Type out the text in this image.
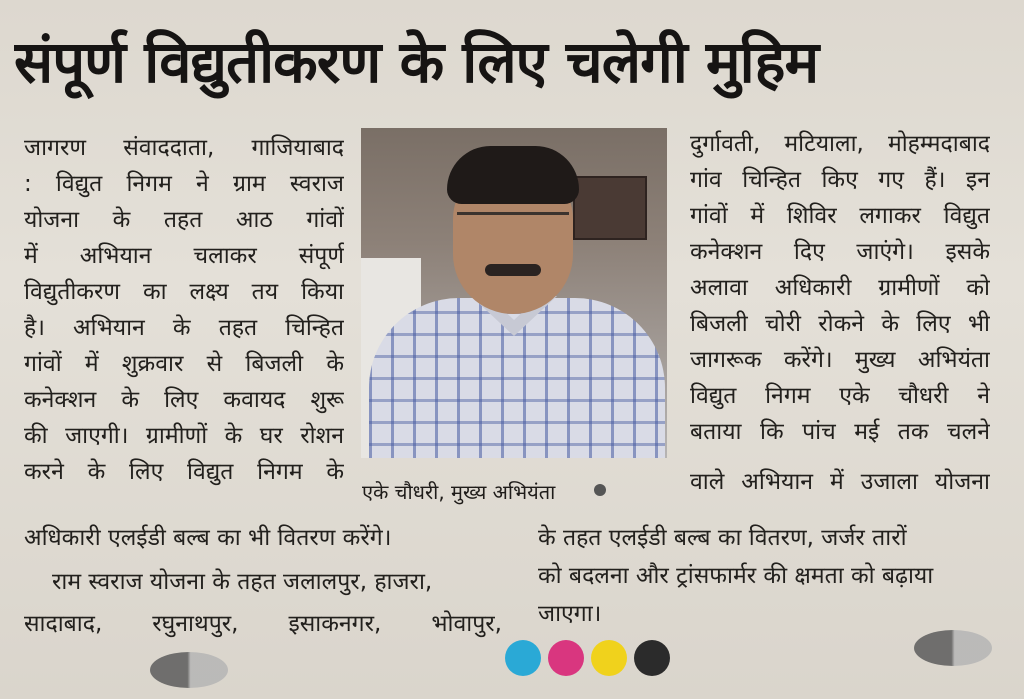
संपूर्ण विद्युतीकरण के लिए चलेगी मुहिम
जागरण संवाददाता, गाजियाबाद
: विद्युत निगम ने ग्राम स्वराज
योजना के तहत आठ गांवों
में अभियान चलाकर संपूर्ण
विद्युतीकरण का लक्ष्य तय किया
है। अभियान के तहत चिन्हित
गांवों में शुक्रवार से बिजली के
कनेक्शन के लिए कवायद शुरू
की जाएगी। ग्रामीणों के घर रोशन
करने के लिए विद्युत निगम के
एके चौधरी, मुख्य अभियंता
दुर्गावती, मटियाला, मोहम्मदाबाद
गांव चिन्हित किए गए हैं। इन
गांवों में शिविर लगाकर विद्युत
कनेक्शन दिए जाएंगे। इसके
अलावा अधिकारी ग्रामीणों को
बिजली चोरी रोकने के लिए भी
जागरूक करेंगे। मुख्य अभियंता
विद्युत निगम एके चौधरी ने
बताया कि पांच मई तक चलने
वाले अभियान में उजाला योजना
अधिकारी एलईडी बल्ब का भी वितरण करेंगे।
राम स्वराज योजना के तहत जलालपुर, हाजरा,
सादाबाद, रघुनाथपुर, इसाकनगर, भोवापुर,
के तहत एलईडी बल्ब का वितरण, जर्जर तारों
को बदलना और ट्रांसफार्मर की क्षमता को बढ़ाया
जाएगा।
